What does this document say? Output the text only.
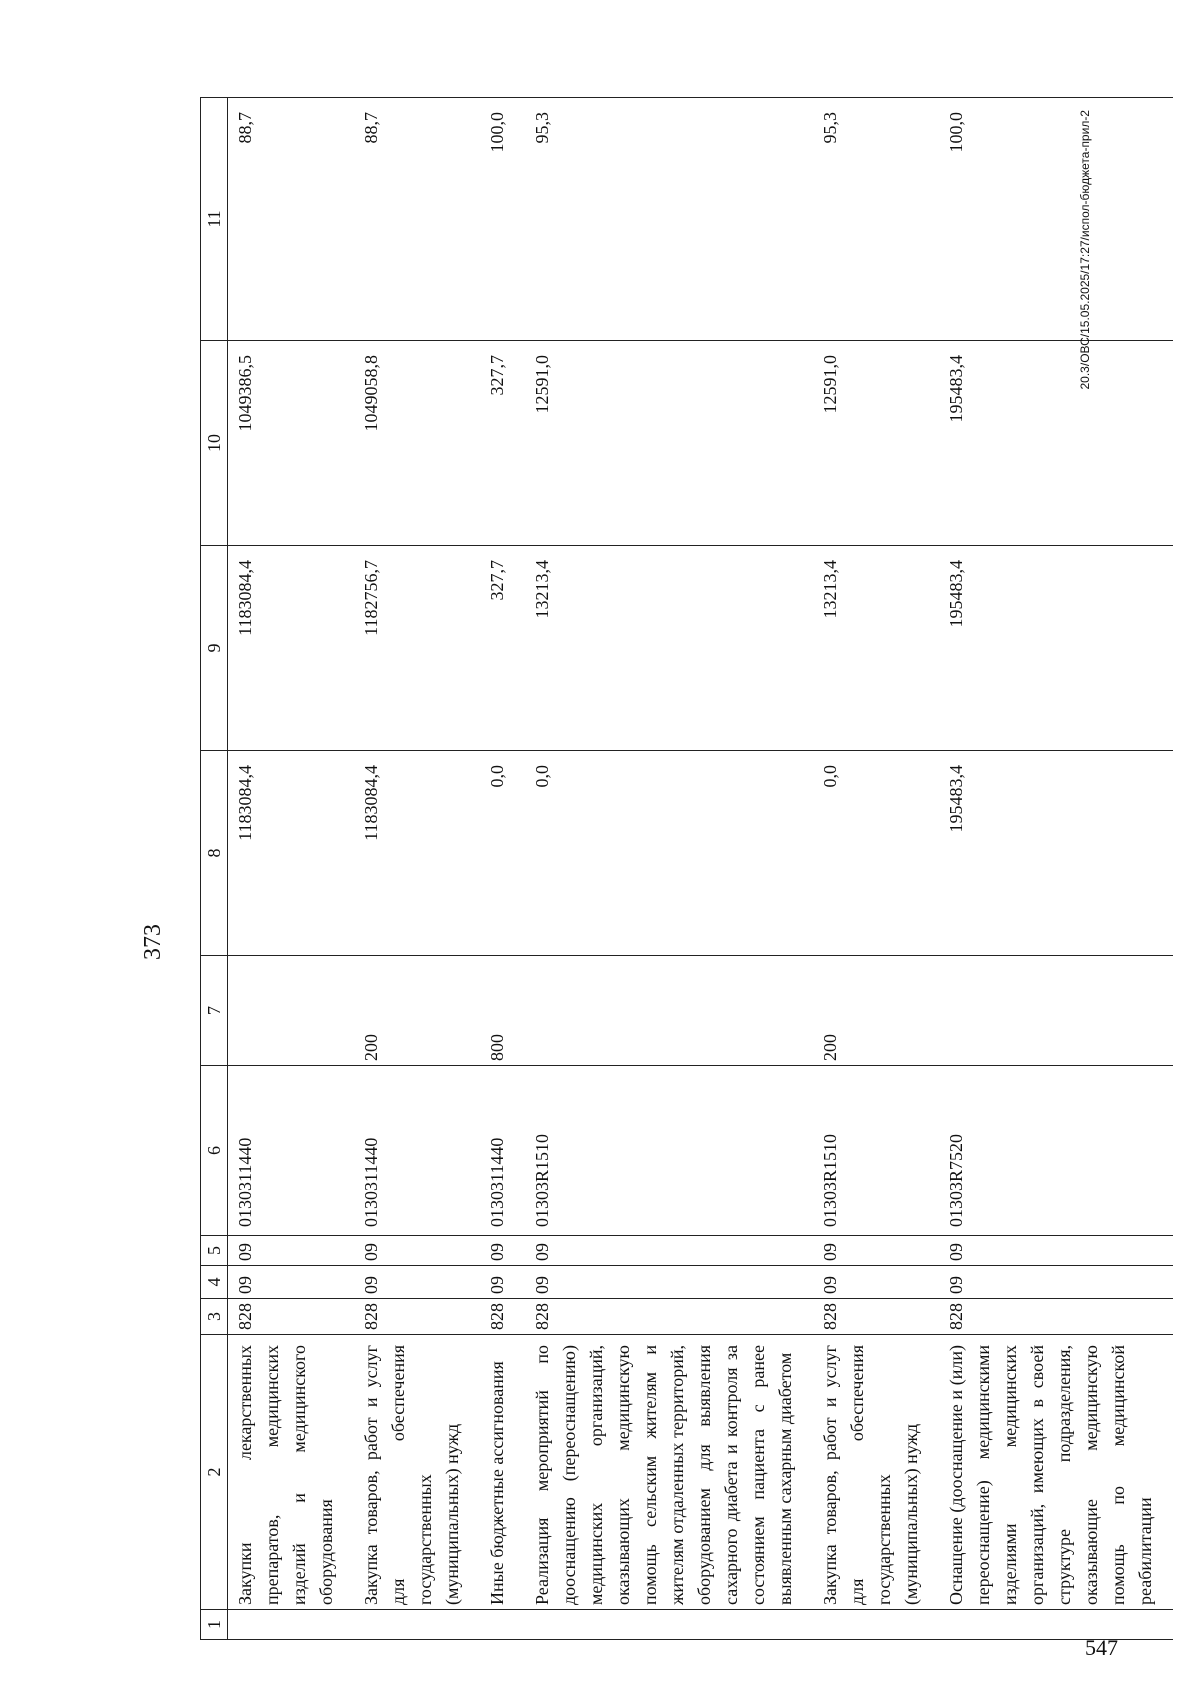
373
1	2	3	4	5	6	7	8	9	10	11
	Закупки лекарственных препаратов, медицинских изделий и медицинского оборудования	828	09	09	0130311440		1183084,4	1183084,4	1049386,5	88,7
	Закупка товаров, работ и услуг для обеспечения государственных (муниципальных) нужд	828	09	09	0130311440	200	1183084,4	1182756,7	1049058,8	88,7
	Иные бюджетные ассигнования	828	09	09	0130311440	800	0,0	327,7	327,7	100,0
	Реализация мероприятий по дооснащению (переоснащению) медицинских организаций, оказывающих медицинскую помощь сельским жителям и жителям отдаленных территорий, оборудованием для выявления сахарного диабета и контроля за состоянием пациента с ранее выявленным сахарным диабетом	828	09	09	01303R1510		0,0	13213,4	12591,0	95,3
	Закупка товаров, работ и услуг для обеспечения государственных (муниципальных) нужд	828	09	09	01303R1510	200	0,0	13213,4	12591,0	95,3
	Оснащение (дооснащение и (или) переоснащение) медицинскими изделиями медицинских организаций, имеющих в своей структуре подразделения, оказывающие медицинскую помощь по медицинской реабилитации	828	09	09	01303R7520		195483,4	195483,4	195483,4	100,0	20.3/ОВС/15.05.2025/17:27/испол-бюджета-прил-2
547
